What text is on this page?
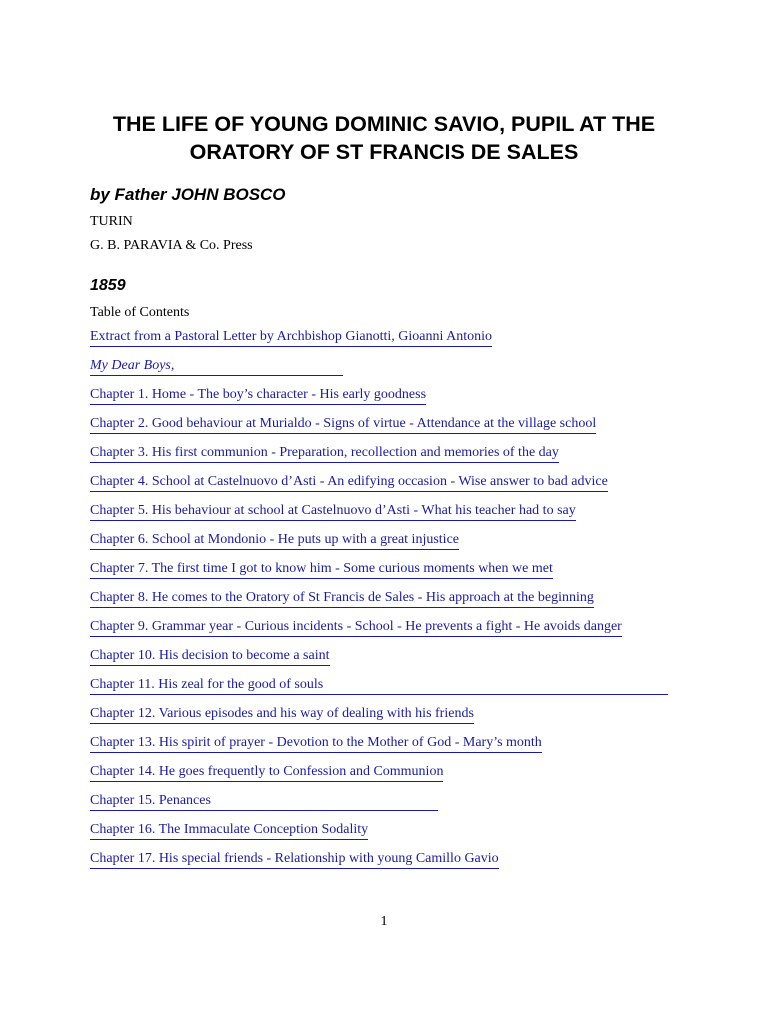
THE LIFE OF YOUNG DOMINIC SAVIO, PUPIL AT THE ORATORY OF ST FRANCIS DE SALES

by Father JOHN BOSCO

TURIN

G. B. PARAVIA & Co. Press

1859

Table of Contents

Extract from a Pastoral Letter by Archbishop Gianotti, Gioanni Antonio
My Dear Boys,
Chapter 1. Home - The boy’s character - His early goodness
Chapter 2. Good behaviour at Murialdo - Signs of virtue - Attendance at the village school
Chapter 3. His first communion - Preparation, recollection and memories of the day
Chapter 4. School at Castelnuovo d’Asti - An edifying occasion - Wise answer to bad advice
Chapter 5. His behaviour at school at Castelnuovo d’Asti - What his teacher had to say
Chapter 6. School at Mondonio - He puts up with a great injustice
Chapter 7. The first time I got to know him - Some curious moments when we met
Chapter 8. He comes to the Oratory of St Francis de Sales - His approach at the beginning
Chapter 9. Grammar year - Curious incidents - School - He prevents a fight - He avoids danger
Chapter 10. His decision to become a saint
Chapter 11. His zeal for the good of souls
Chapter 12. Various episodes and his way of dealing with his friends
Chapter 13. His spirit of prayer - Devotion to the Mother of God - Mary’s month
Chapter 14. He goes frequently to Confession and Communion
Chapter 15. Penances
Chapter 16. The Immaculate Conception Sodality
Chapter 17. His special friends - Relationship with young Camillo Gavio

1
